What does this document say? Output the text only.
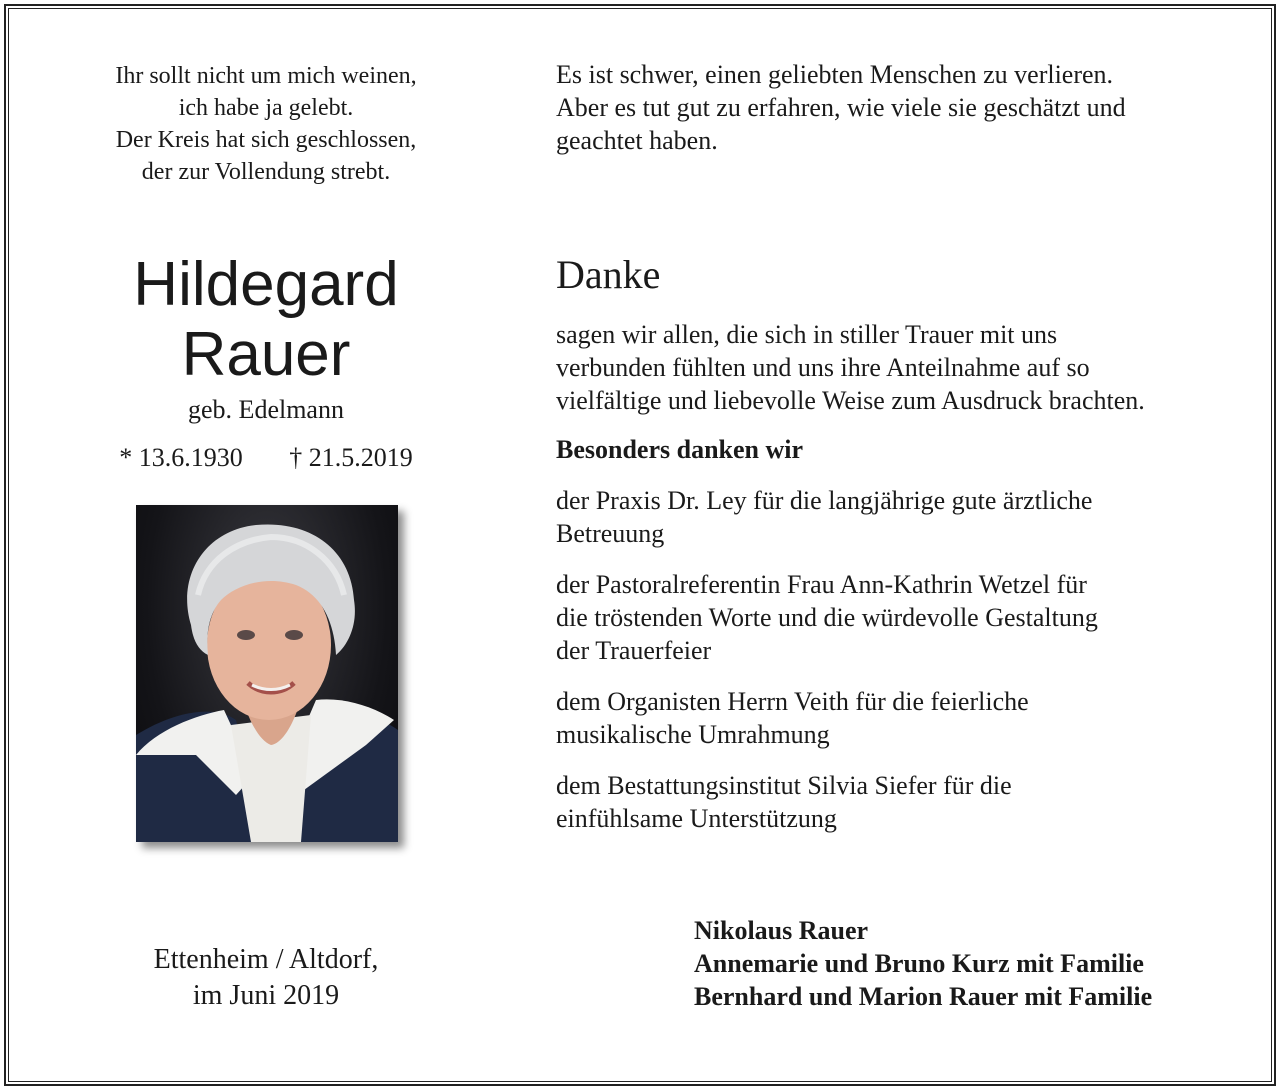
Ihr sollt nicht um mich weinen,
ich habe ja gelebt.
Der Kreis hat sich geschlossen,
der zur Vollendung strebt.
Hildegard
Rauer
geb. Edelmann
* 13.6.1930 † 21.5.2019
Ettenheim / Altdorf,
im Juni 2019
Es ist schwer, einen geliebten Menschen zu verlieren.
Aber es tut gut zu erfahren, wie viele sie geschätzt und
geachtet haben.
Danke
sagen wir allen, die sich in stiller Trauer mit uns
verbunden fühlten und uns ihre Anteilnahme auf so
vielfältige und liebevolle Weise zum Ausdruck brachten.
Besonders danken wir
der Praxis Dr. Ley für die langjährige gute ärztliche
Betreuung
der Pastoralreferentin Frau Ann-Kathrin Wetzel für
die tröstenden Worte und die würdevolle Gestaltung
der Trauerfeier
dem Organisten Herrn Veith für die feierliche
musikalische Umrahmung
dem Bestattungsinstitut Silvia Siefer für die
einfühlsame Unterstützung
Nikolaus Rauer
Annemarie und Bruno Kurz mit Familie
Bernhard und Marion Rauer mit Familie
